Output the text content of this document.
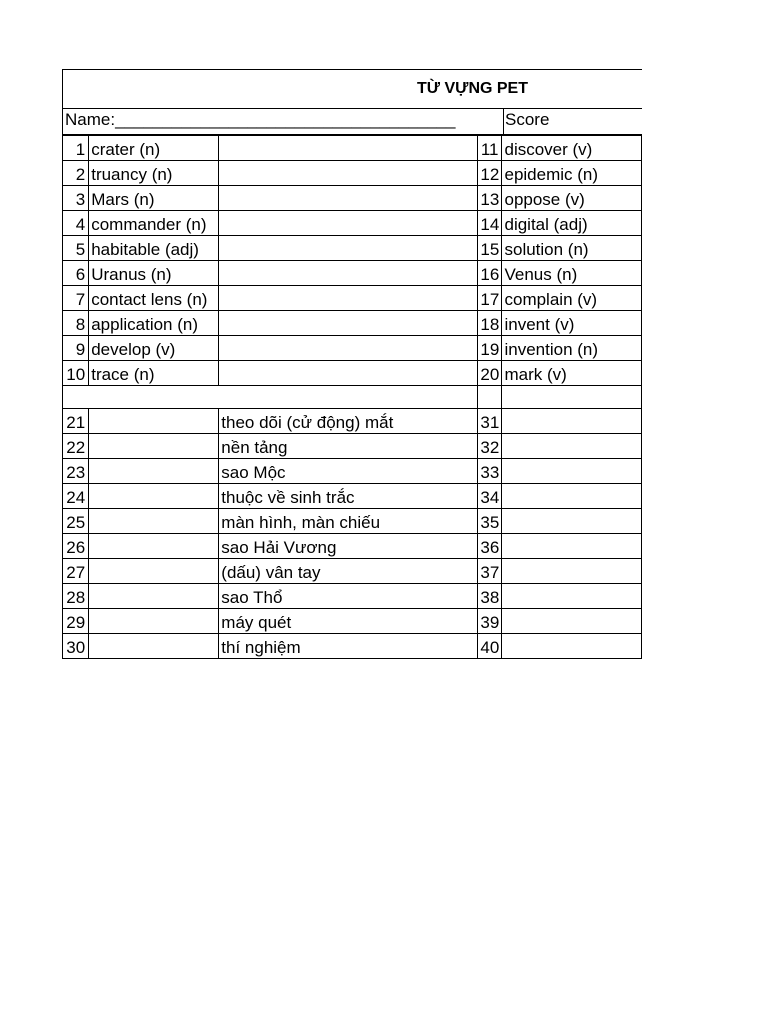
TỪ VỰNG PET
Name:____________________________________	Score
1	crater (n)		11	discover (v)
2	truancy (n)		12	epidemic (n)
3	Mars (n)		13	oppose (v)
4	commander (n)		14	digital (adj)
5	habitable (adj)		15	solution (n)
6	Uranus (n)		16	Venus (n)
7	contact lens (n)		17	complain (v)
8	application (n)		18	invent (v)
9	develop (v)		19	invention (n)
10	trace (n)		20	mark (v)

21		theo dõi (cử động) mắt	31	
22		nền tảng	32	
23		sao Mộc	33	
24		thuộc về sinh trắc	34	
25		màn hình, màn chiếu	35	
26		sao Hải Vương	36	
27		(dấu) vân tay	37	
28		sao Thổ	38	
29		máy quét	39	
30		thí nghiệm	40	
